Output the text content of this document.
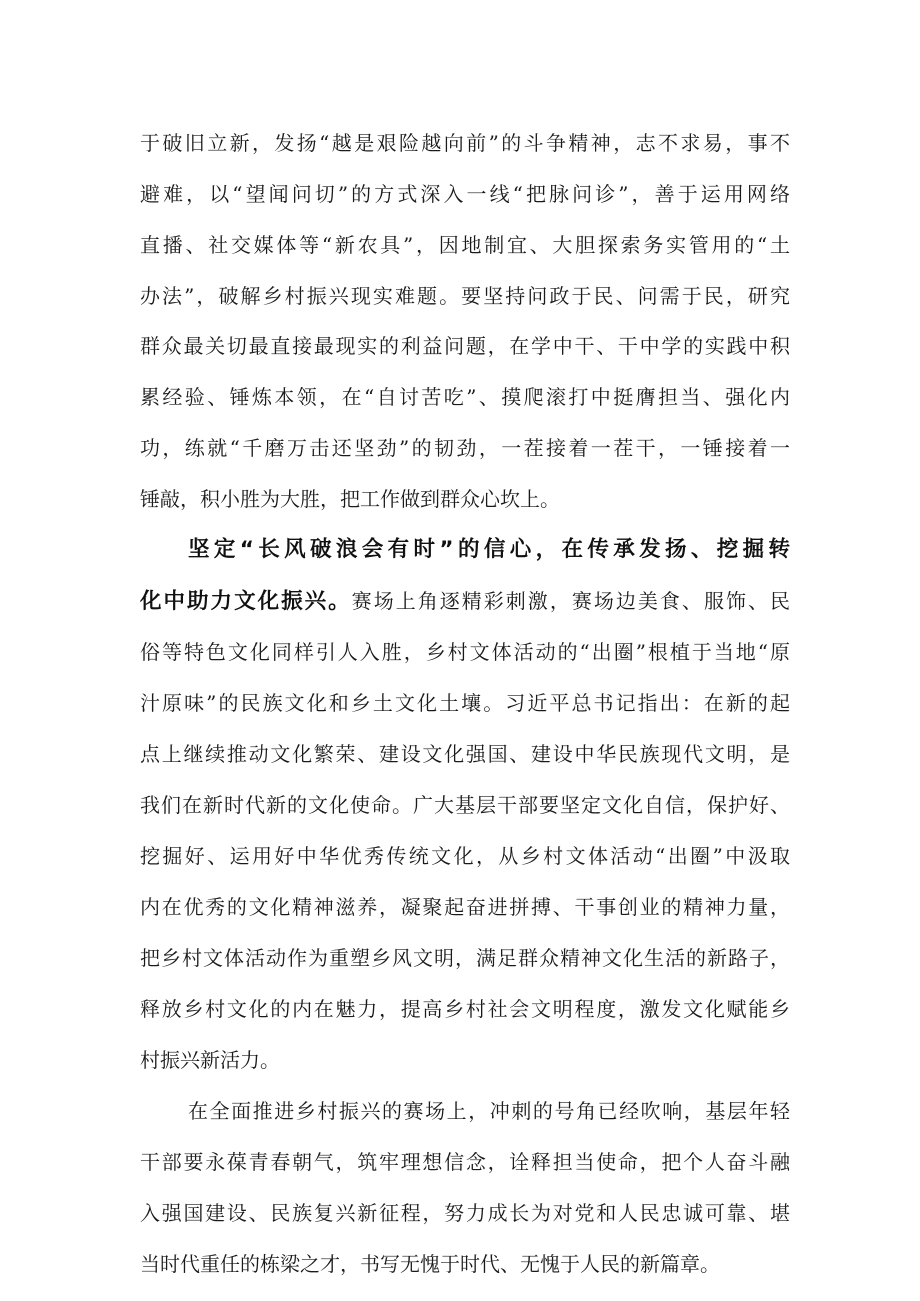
于破旧立新，发扬“越是艰险越向前”的斗争精神，志不求易，事不
避难，以“望闻问切”的方式深入一线“把脉问诊”，善于运用网络
直播、社交媒体等“新农具”，因地制宜、大胆探索务实管用的“土
办法”，破解乡村振兴现实难题。要坚持问政于民、问需于民，研究
群众最关切最直接最现实的利益问题，在学中干、干中学的实践中积
累经验、锤炼本领，在“自讨苦吃”、摸爬滚打中挺膺担当、强化内
功，练就“千磨万击还坚劲”的韧劲，一茬接着一茬干，一锤接着一
锤敲，积小胜为大胜，把工作做到群众心坎上。
坚定“长风破浪会有时”的信心，在传承发扬、挖掘转
化中助力文化振兴。赛场上角逐精彩刺激，赛场边美食、服饰、民
俗等特色文化同样引人入胜，乡村文体活动的“出圈”根植于当地“原
汁原味”的民族文化和乡土文化土壤。习近平总书记指出：在新的起
点上继续推动文化繁荣、建设文化强国、建设中华民族现代文明，是
我们在新时代新的文化使命。广大基层干部要坚定文化自信，保护好、
挖掘好、运用好中华优秀传统文化，从乡村文体活动“出圈”中汲取
内在优秀的文化精神滋养，凝聚起奋进拼搏、干事创业的精神力量，
把乡村文体活动作为重塑乡风文明，满足群众精神文化生活的新路子，
释放乡村文化的内在魅力，提高乡村社会文明程度，激发文化赋能乡
村振兴新活力。
在全面推进乡村振兴的赛场上，冲刺的号角已经吹响，基层年轻
干部要永葆青春朝气，筑牢理想信念，诠释担当使命，把个人奋斗融
入强国建设、民族复兴新征程，努力成长为对党和人民忠诚可靠、堪
当时代重任的栋梁之才，书写无愧于时代、无愧于人民的新篇章。
